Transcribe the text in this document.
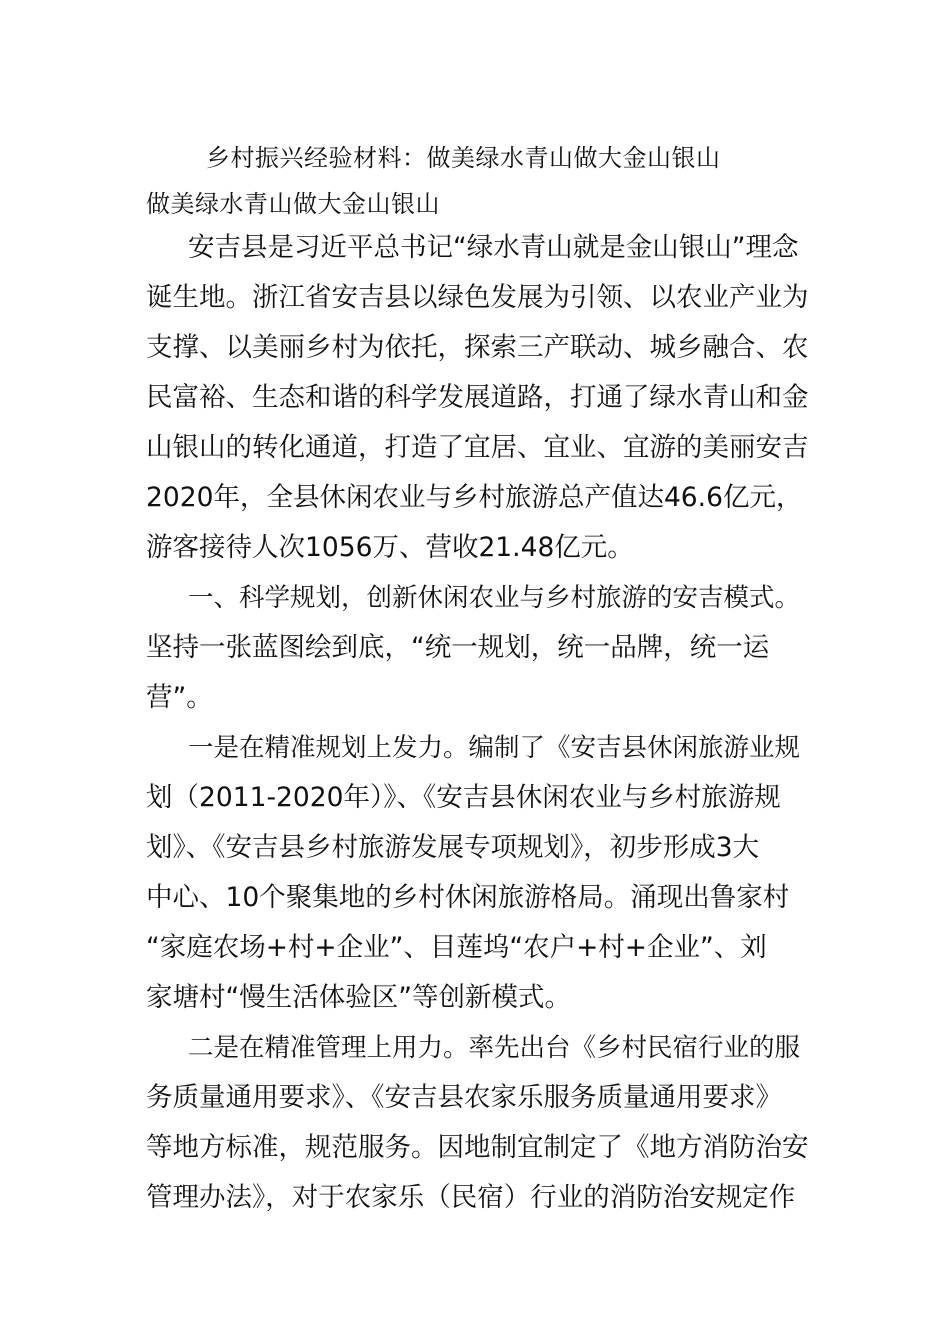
乡村振兴经验材料：做美绿水青山做大金山银山
做美绿水青山做大金山银山
安吉县是习近平总书记“绿水青山就是金山银山”理念
诞生地。浙江省安吉县以绿色发展为引领、以农业产业为
支撑、以美丽乡村为依托，探索三产联动、城乡融合、农
民富裕、生态和谐的科学发展道路，打通了绿水青山和金
山银山的转化通道，打造了宜居、宜业、宜游的美丽安吉
2020年，全县休闲农业与乡村旅游总产值达46.6亿元，
游客接待人次1056万、营收21.48亿元。
一、科学规划，创新休闲农业与乡村旅游的安吉模式。
坚持一张蓝图绘到底，“统一规划，统一品牌，统一运
营”。
一是在精准规划上发力。编制了《安吉县休闲旅游业规
划（2011-2020年）》、《安吉县休闲农业与乡村旅游规
划》、《安吉县乡村旅游发展专项规划》，初步形成3大
中心、10个聚集地的乡村休闲旅游格局。涌现出鲁家村
“家庭农场+村+企业”、目莲坞“农户+村+企业”、刘
家塘村“慢生活体验区”等创新模式。
二是在精准管理上用力。率先出台《乡村民宿行业的服
务质量通用要求》、《安吉县农家乐服务质量通用要求》
等地方标准，规范服务。因地制宜制定了《地方消防治安
管理办法》，对于农家乐（民宿）行业的消防治安规定作
